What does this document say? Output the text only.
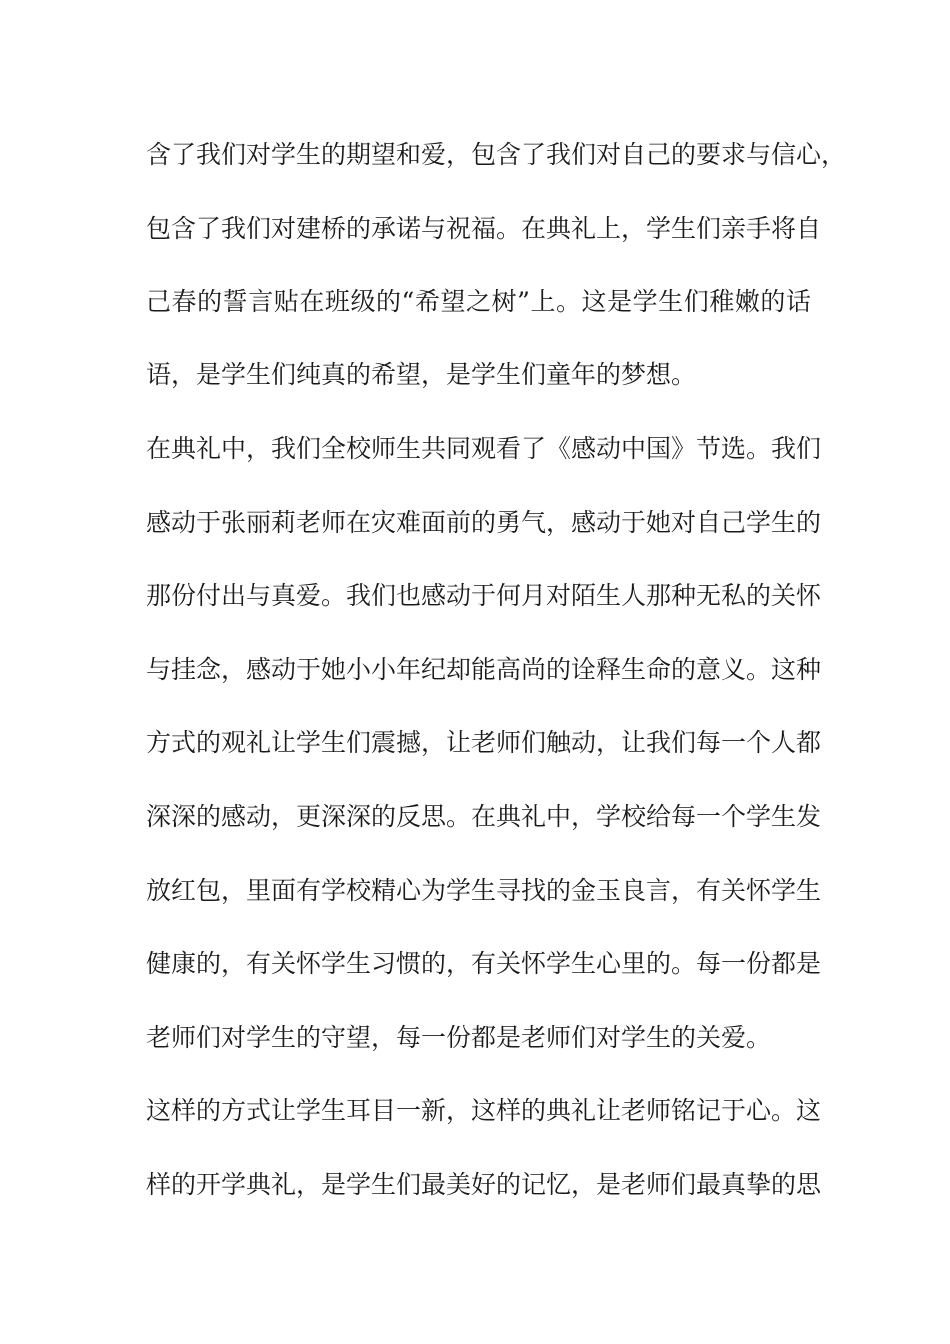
含了我们对学生的期望和爱，包含了我们对自己的要求与信心，
包含了我们对建桥的承诺与祝福。在典礼上，学生们亲手将自
己春的誓言贴在班级的“希望之树”上。这是学生们稚嫩的话
语，是学生们纯真的希望，是学生们童年的梦想。
在典礼中，我们全校师生共同观看了《感动中国》节选。我们
感动于张丽莉老师在灾难面前的勇气，感动于她对自己学生的
那份付出与真爱。我们也感动于何月对陌生人那种无私的关怀
与挂念，感动于她小小年纪却能高尚的诠释生命的意义。这种
方式的观礼让学生们震撼，让老师们触动，让我们每一个人都
深深的感动，更深深的反思。在典礼中，学校给每一个学生发
放红包，里面有学校精心为学生寻找的金玉良言，有关怀学生
健康的，有关怀学生习惯的，有关怀学生心里的。每一份都是
老师们对学生的守望，每一份都是老师们对学生的关爱。
这样的方式让学生耳目一新，这样的典礼让老师铭记于心。这
样的开学典礼，是学生们最美好的记忆，是老师们最真挚的思
